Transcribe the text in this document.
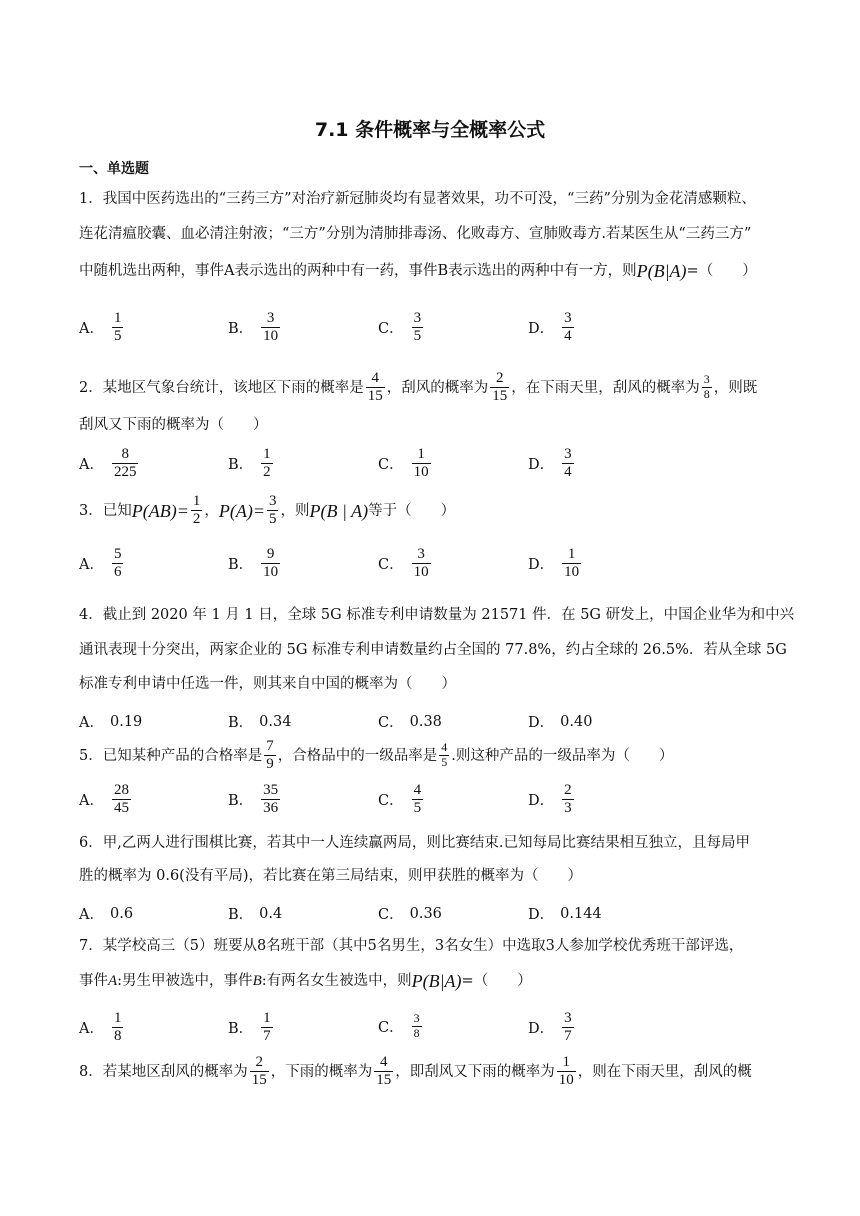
7.1 条件概率与全概率公式
一、单选题
1．我国中医药选出的“三药三方”对治疗新冠肺炎均有显著效果，功不可没，“三药”分别为金花清感颗粒、
连花清瘟胶囊、血必清注射液；“三方”分别为清肺排毒汤、化败毒方、宣肺败毒方.若某医生从“三药三方”
中随机选出两种，事件A表示选出的两种中有一药，事件B表示选出的两种中有一方，则 P(B|A) =（　　）
A． $\frac{1}{5}$	B． $\frac{3}{10}$	C． $\frac{3}{5}$	D． $\frac{3}{4}$
2．某地区气象台统计，该地区下雨的概率是 $\frac{4}{15}$ ，刮风的概率为 $\frac{2}{15}$ ，在下雨天里，刮风的概率为 $\frac{3}{8}$ ，则既
刮风又下雨的概率为（　　）
A． $\frac{8}{225}$	B． $\frac{1}{2}$	C． $\frac{1}{10}$	D． $\frac{3}{4}$
3．已知 $P(AB)= \frac{1}{2}$ ， $P(A)= \frac{3}{5}$ ，则 P(B | A) 等于（　　）
A． $\frac{5}{6}$	B． $\frac{9}{10}$	C． $\frac{3}{10}$	D． $\frac{1}{10}$
4．截止到 2020 年 1 月 1 日，全球 5G 标准专利申请数量为 21571 件．在 5G 研发上，中国企业华为和中兴
通讯表现十分突出，两家企业的 5G 标准专利申请数量约占全国的 77.8%，约占全球的 26.5%．若从全球 5G
标准专利申请中任选一件，则其来自中国的概率为（　　）
A． 0.19	B． 0.34	C． 0.38	D． 0.40
5．已知某种产品的合格率是 $\frac{7}{9}$ ，合格品中的一级品率是 $\frac{4}{5}$ .则这种产品的一级品率为（　　）
A． $\frac{28}{45}$	B． $\frac{35}{36}$	C． $\frac{4}{5}$	D． $\frac{2}{3}$
6．甲,乙两人进行围棋比赛，若其中一人连续赢两局，则比赛结束.已知每局比赛结果相互独立，且每局甲
胜的概率为 0.6(没有平局)，若比赛在第三局结束，则甲获胜的概率为（　　）
A． 0.6	B． 0.4	C． 0.36	D． 0.144
7．某学校高三（5）班要从8名班干部（其中5名男生，3名女生）中选取3人参加学校优秀班干部评选，
事件 A :男生甲被选中，事件 B :有两名女生被选中，则 P(B|A) =（　　）
A． $\frac{1}{8}$	B． $\frac{1}{7}$	C． $\frac{3}{8}$	D． $\frac{3}{7}$
8．若某地区刮风的概率为 $\frac{2}{15}$ ，下雨的概率为 $\frac{4}{15}$ ，即刮风又下雨的概率为 $\frac{1}{10}$ ，则在下雨天里，刮风的概
